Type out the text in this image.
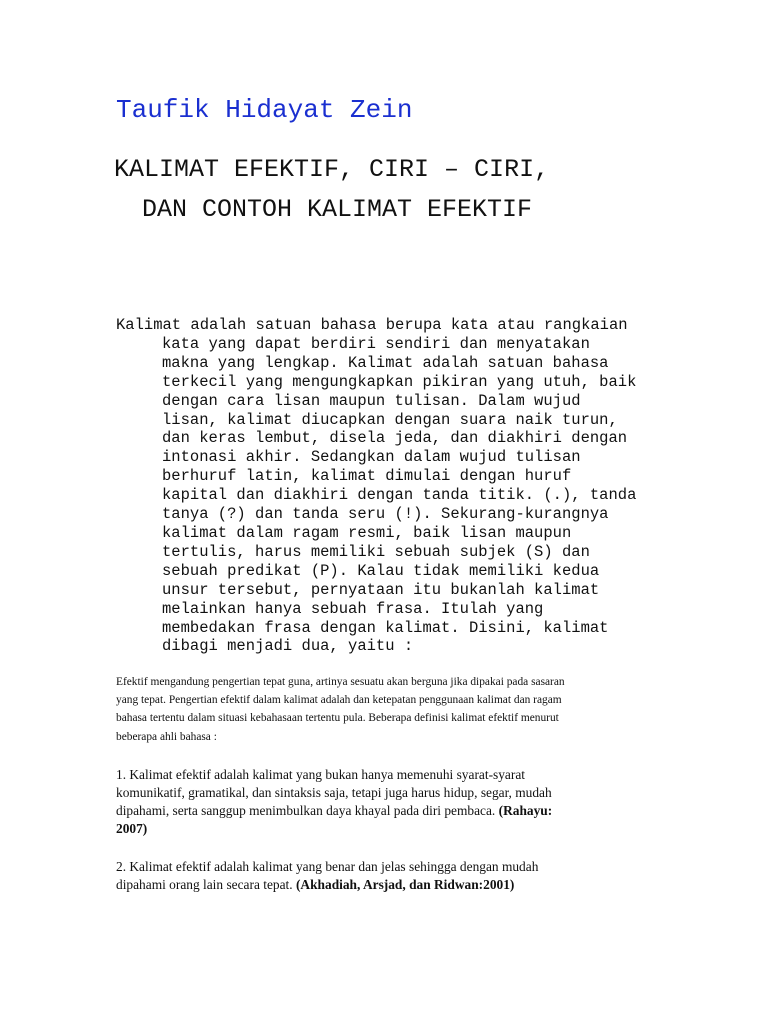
Taufik Hidayat Zein
KALIMAT EFEKTIF, CIRI – CIRI,
DAN CONTOH KALIMAT EFEKTIF
Kalimat adalah satuan bahasa berupa kata atau rangkaian
kata yang dapat berdiri sendiri dan menyatakan
makna yang lengkap. Kalimat adalah satuan bahasa
terkecil yang mengungkapkan pikiran yang utuh, baik
dengan cara lisan maupun tulisan. Dalam wujud
lisan, kalimat diucapkan dengan suara naik turun,
dan keras lembut, disela jeda, dan diakhiri dengan
intonasi akhir. Sedangkan dalam wujud tulisan
berhuruf latin, kalimat dimulai dengan huruf
kapital dan diakhiri dengan tanda titik. (.), tanda
tanya (?) dan tanda seru (!). Sekurang-kurangnya
kalimat dalam ragam resmi, baik lisan maupun
tertulis, harus memiliki sebuah subjek (S) dan
sebuah predikat (P). Kalau tidak memiliki kedua
unsur tersebut, pernyataan itu bukanlah kalimat
melainkan hanya sebuah frasa. Itulah yang
membedakan frasa dengan kalimat. Disini, kalimat
dibagi menjadi dua, yaitu :
Efektif mengandung pengertian tepat guna, artinya sesuatu akan berguna jika dipakai pada sasaran
yang tepat. Pengertian efektif dalam kalimat adalah dan ketepatan penggunaan kalimat dan ragam
bahasa tertentu dalam situasi kebahasaan tertentu pula. Beberapa definisi kalimat efektif menurut
beberapa ahli bahasa :
1. Kalimat efektif adalah kalimat yang bukan hanya memenuhi syarat-syarat
komunikatif, gramatikal, dan sintaksis saja, tetapi juga harus hidup, segar, mudah
dipahami, serta sanggup menimbulkan daya khayal pada diri pembaca. (Rahayu:
2007)
2. Kalimat efektif adalah kalimat yang benar dan jelas sehingga dengan mudah
dipahami orang lain secara tepat. (Akhadiah, Arsjad, dan Ridwan:2001)
